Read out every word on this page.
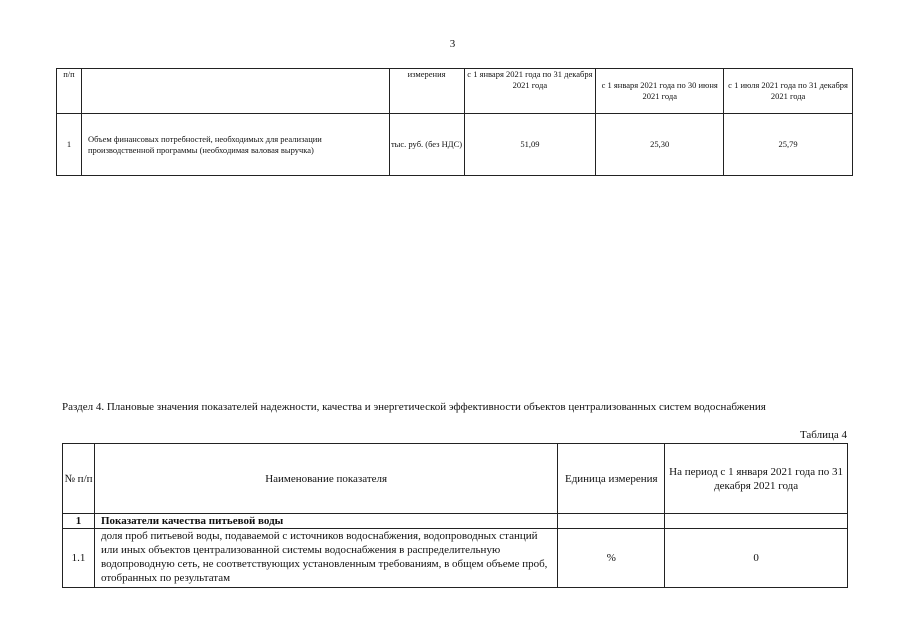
3
п/п		измерения	с 1 января 2021 года по 31 декабря 2021 года	с 1 января 2021 года по 30 июня 2021 года	с 1 июля 2021 года по 31 декабря 2021 года
1	Объем финансовых потребностей, необходимых для реализации производственной программы (необходимая валовая выручка)	тыс. руб. (без НДС)	51,09	25,30	25,79
Раздел 4. Плановые значения показателей надежности, качества и энергетической эффективности объектов централизованных систем водоснабжения
Таблица 4
№ п/п	Наименование показателя	Единица измерения	На период с 1 января 2021 года по 31 декабря 2021 года
1	Показатели качества питьевой воды		
1.1	доля проб питьевой воды, подаваемой с источников водоснабжения, водопроводных станций или иных объектов централизованной системы водоснабжения в распределительную водопроводную сеть, не соответствующих установленным требованиям, в общем объеме проб, отобранных по результатам	%	0
